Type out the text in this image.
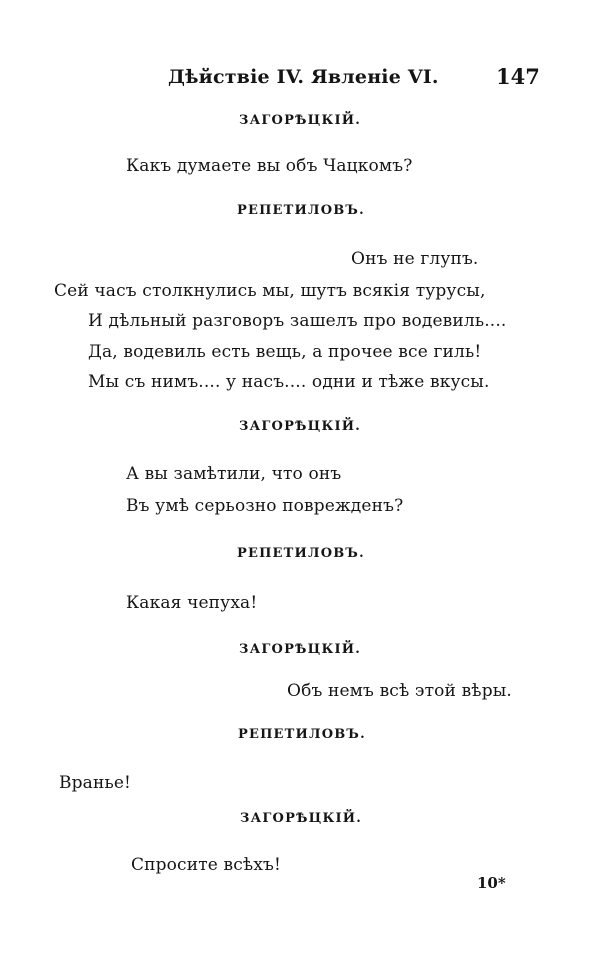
Дѣйствіе IV. Явленіе VI.	147
ЗАГОРѢЦКІЙ.
Какъ думаете вы объ Чацкомъ?
РЕПЕТИЛОВЪ.
Онъ не глупъ.
Сей часъ столкнулись мы, шутъ всякія турусы,
И дѣльный разговоръ зашелъ про водевиль....
Да, водевиль есть вещь, а прочее все гиль!
Мы съ нимъ.... у насъ.... одни и тѣже вкусы.
ЗАГОРѢЦКІЙ.
А вы замѣтили, что онъ
Въ умѣ серьозно поврежденъ?
РЕПЕТИЛОВЪ.
Какая чепуха!
ЗАГОРѢЦКІЙ.
Объ немъ всѣ этой вѣры.
РЕПЕТИЛОВЪ.
Вранье!
ЗАГОРѢЦКІЙ.
Спросите всѣхъ!
10*
